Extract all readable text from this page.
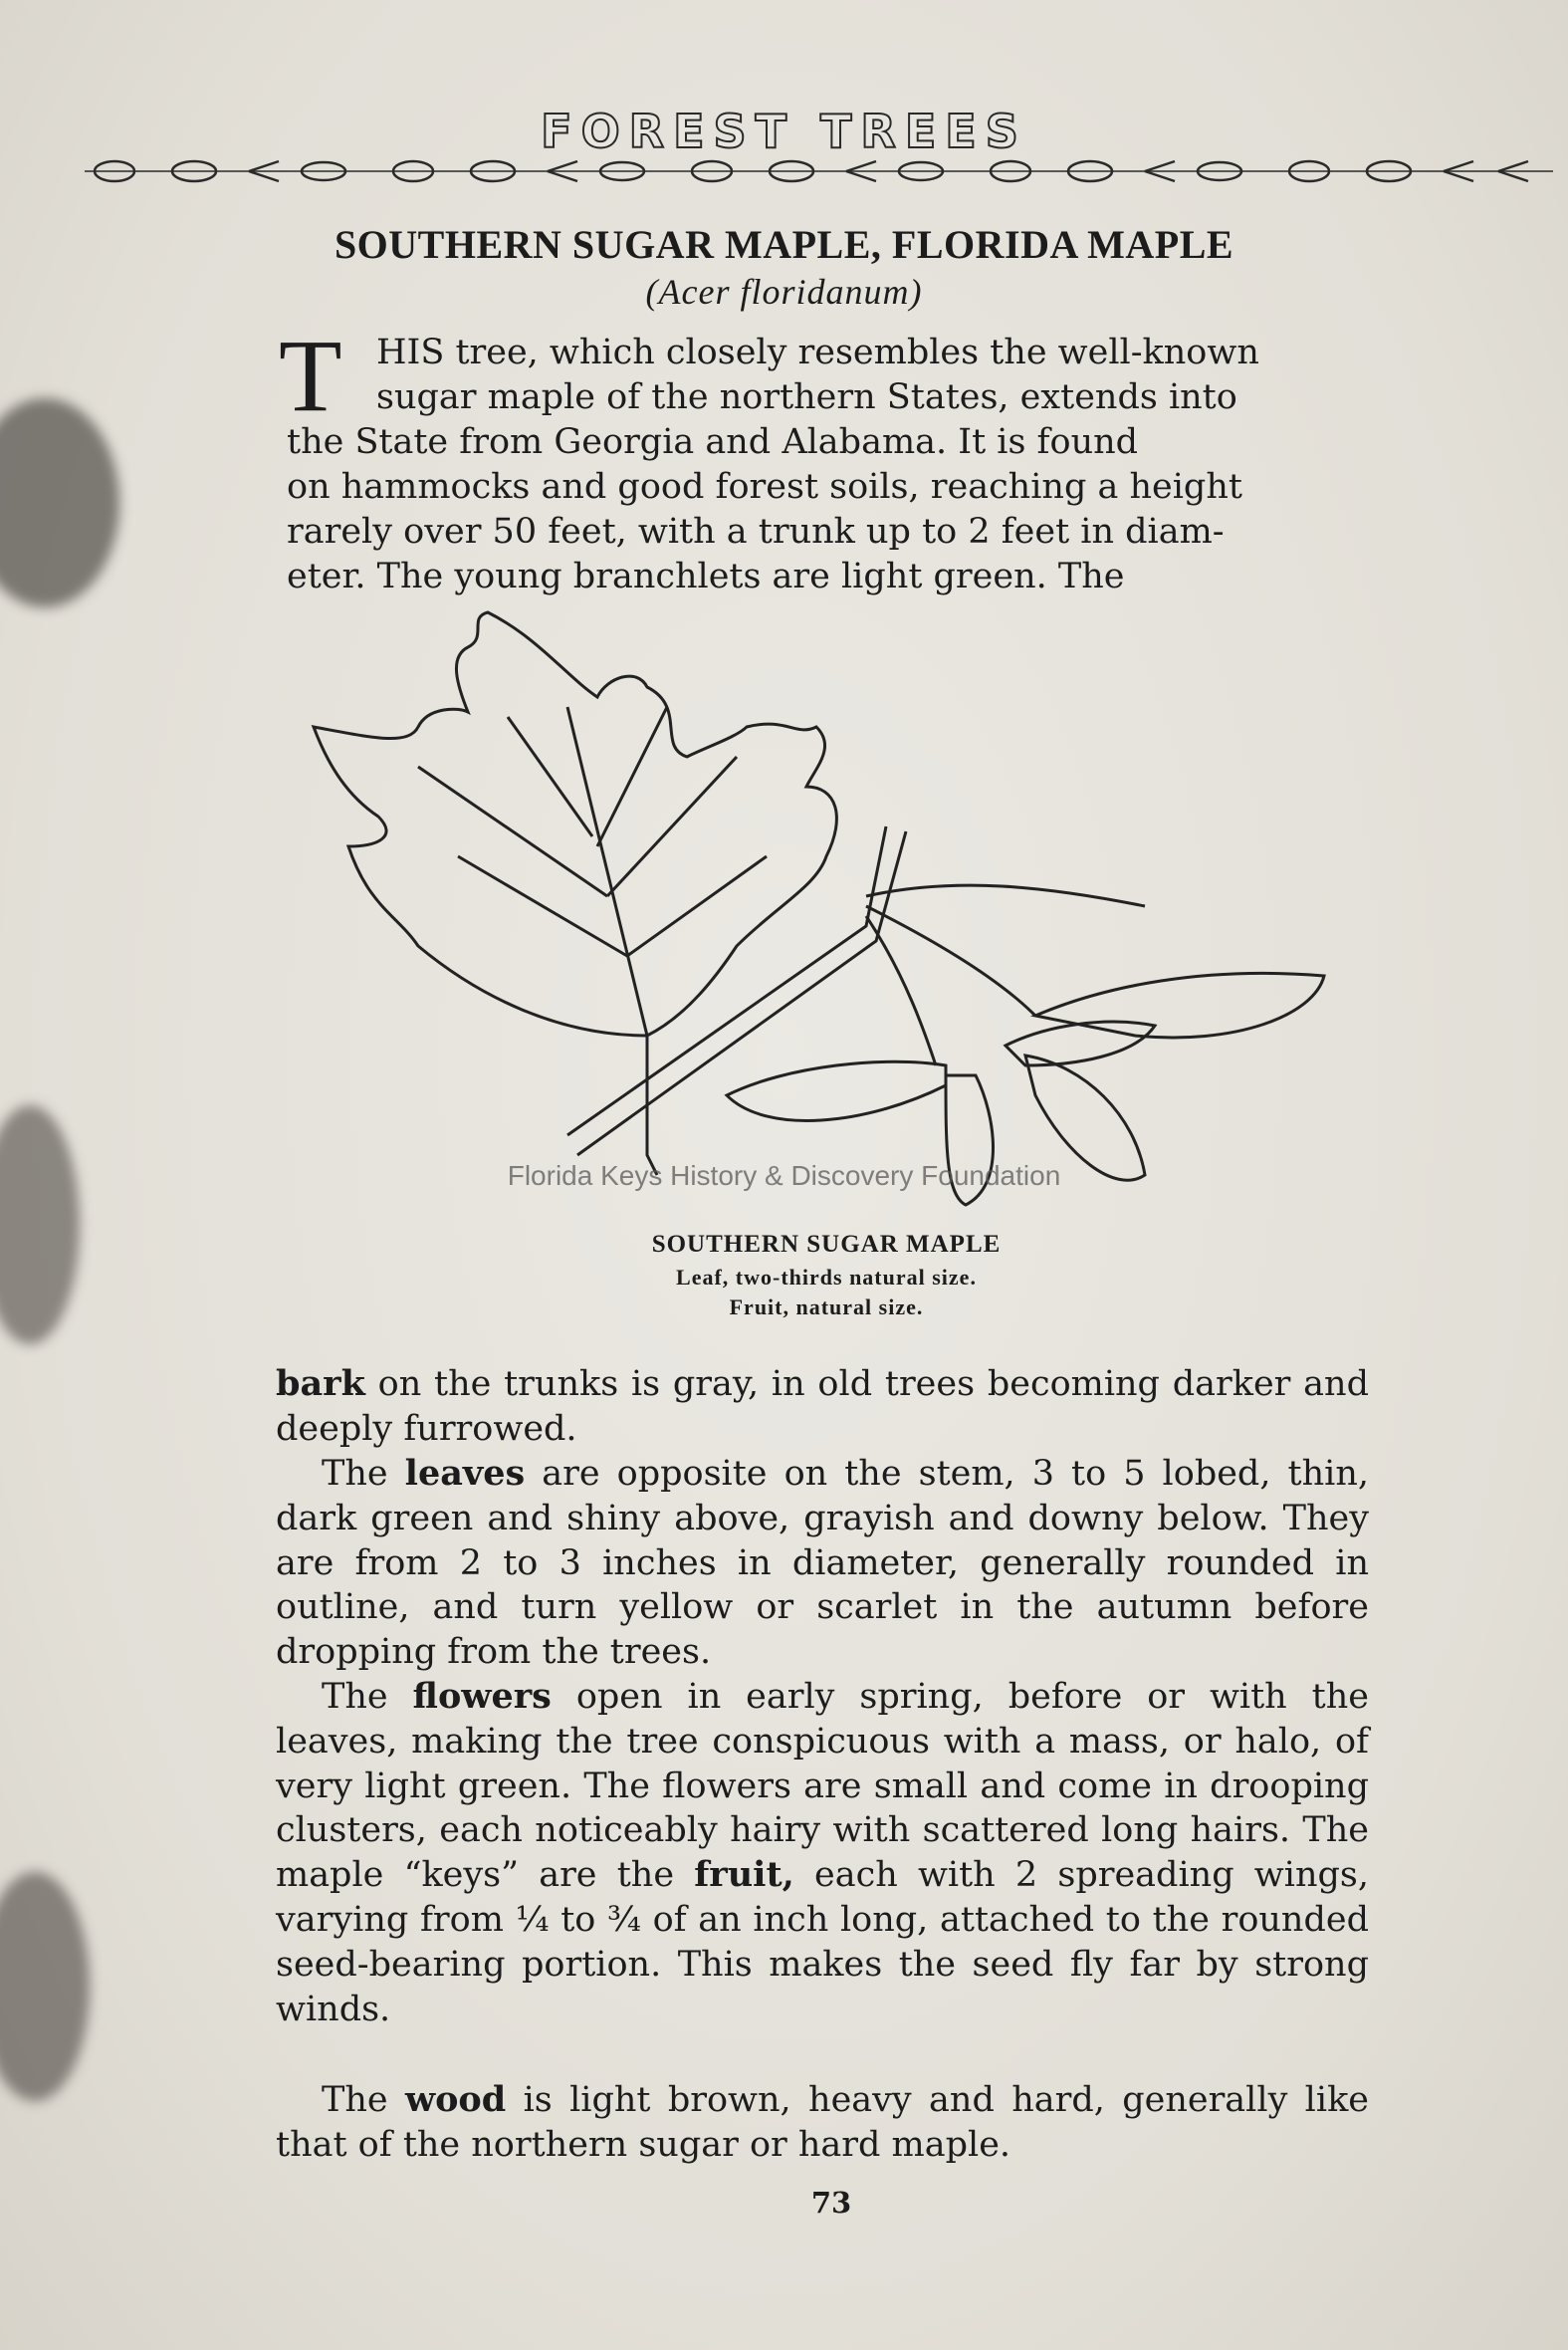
FOREST TREES
SOUTHERN SUGAR MAPLE, FLORIDA MAPLE
(Acer floridanum)
T HIS tree, which closely resembles the well-known
sugar maple of the northern States, extends into
the State from Georgia and Alabama. It is found
on hammocks and good forest soils, reaching a height
rarely over 50 feet, with a trunk up to 2 feet in diam-
eter. The young branchlets are light green. The
Florida Keys History & Discovery Foundation
SOUTHERN SUGAR MAPLE
Leaf, two-thirds natural size.
Fruit, natural size.
bark on the trunks is gray, in old trees becoming darker and deeply furrowed.
The leaves are opposite on the stem, 3 to 5 lobed, thin, dark green and shiny above, grayish and downy below. They are from 2 to 3 inches in diameter, generally rounded in outline, and turn yellow or scarlet in the autumn before dropping from the trees.
The flowers open in early spring, before or with the leaves, making the tree conspicuous with a mass, or halo, of very light green. The flowers are small and come in drooping clusters, each noticeably hairy with scattered long hairs. The maple “keys” are the fruit, each with 2 spreading wings, varying from ¼ to ¾ of an inch long, attached to the rounded seed-bearing portion. This makes the seed fly far by strong winds.
The wood is light brown, heavy and hard, generally like that of the northern sugar or hard maple.
73
